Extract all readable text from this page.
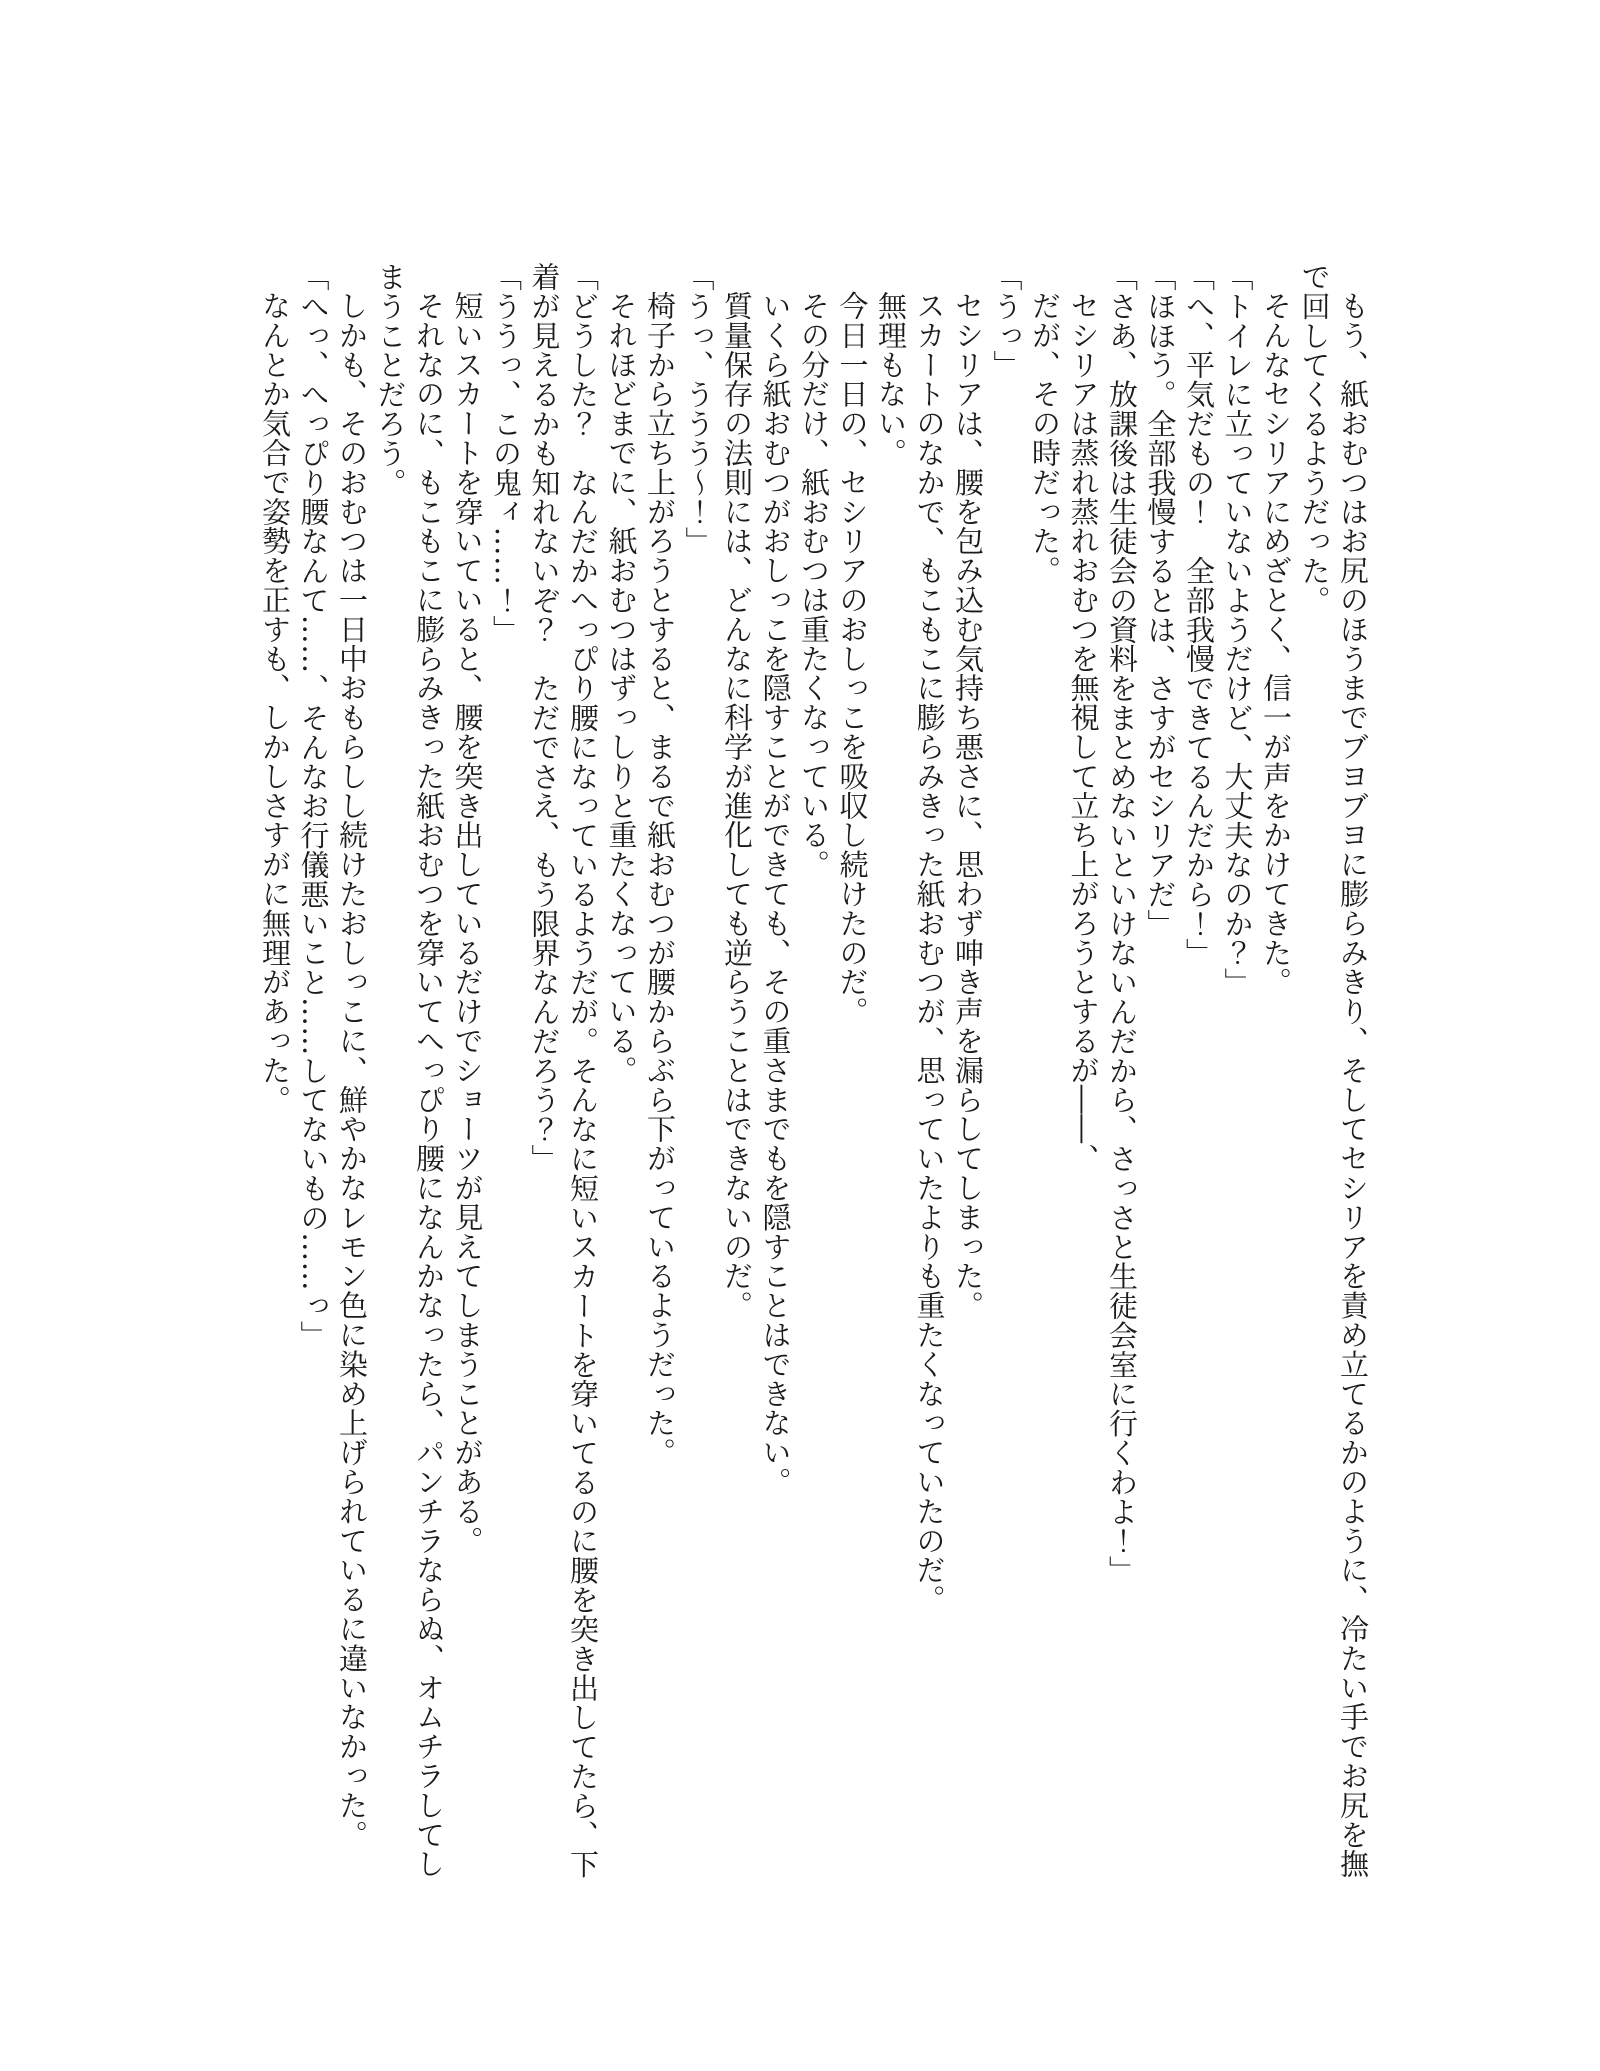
もう、紙おむつはお尻のほうまでブヨブヨに膨らみきり、そしてセシリアを責め立てるかのように、冷たい手でお尻を撫

で回してくるようだった。

そんなセシリアにめざとく、信一が声をかけてきた。

「トイレに立っていないようだけど、大丈夫なのか？」

「へ、平気だもの！　全部我慢できてるんだから！」

「ほほう。全部我慢するとは、さすがセシリアだ」

「さあ、放課後は生徒会の資料をまとめないといけないんだから、さっさと生徒会室に行くわよ！」

セシリアは蒸れ蒸れおむつを無視して立ち上がろうとするが――、

だが、その時だった。

「うっ」

セシリアは、腰を包み込む気持ち悪さに、思わず呻き声を漏らしてしまった。

スカートのなかで、もこもこに膨らみきった紙おむつが、思っていたよりも重たくなっていたのだ。

無理もない。

今日一日の、セシリアのおしっこを吸収し続けたのだ。

その分だけ、紙おむつは重たくなっている。

いくら紙おむつがおしっこを隠すことができても、その重さまでもを隠すことはできない。

質量保存の法則には、どんなに科学が進化しても逆らうことはできないのだ。

「うっ、ううう〜！」

椅子から立ち上がろうとすると、まるで紙おむつが腰からぶら下がっているようだった。

それほどまでに、紙おむつはずっしりと重たくなっている。

「どうした？　なんだかへっぴり腰になっているようだが。そんなに短いスカートを穿いてるのに腰を突き出してたら、下

着が見えるかも知れないぞ？　ただでさえ、もう限界なんだろう？」

「ううっ、この鬼ィ……！」

短いスカートを穿いていると、腰を突き出しているだけでショーツが見えてしまうことがある。

それなのに、もこもこに膨らみきった紙おむつを穿いてへっぴり腰になんかなったら、パンチラならぬ、オムチラしてし

まうことだろう。

しかも、そのおむつは一日中おもらしし続けたおしっこに、鮮やかなレモン色に染め上げられているに違いなかった。

「へっ、へっぴり腰なんて……、そんなお行儀悪いこと……してないもの……っ」

なんとか気合で姿勢を正すも、しかしさすがに無理があった。
